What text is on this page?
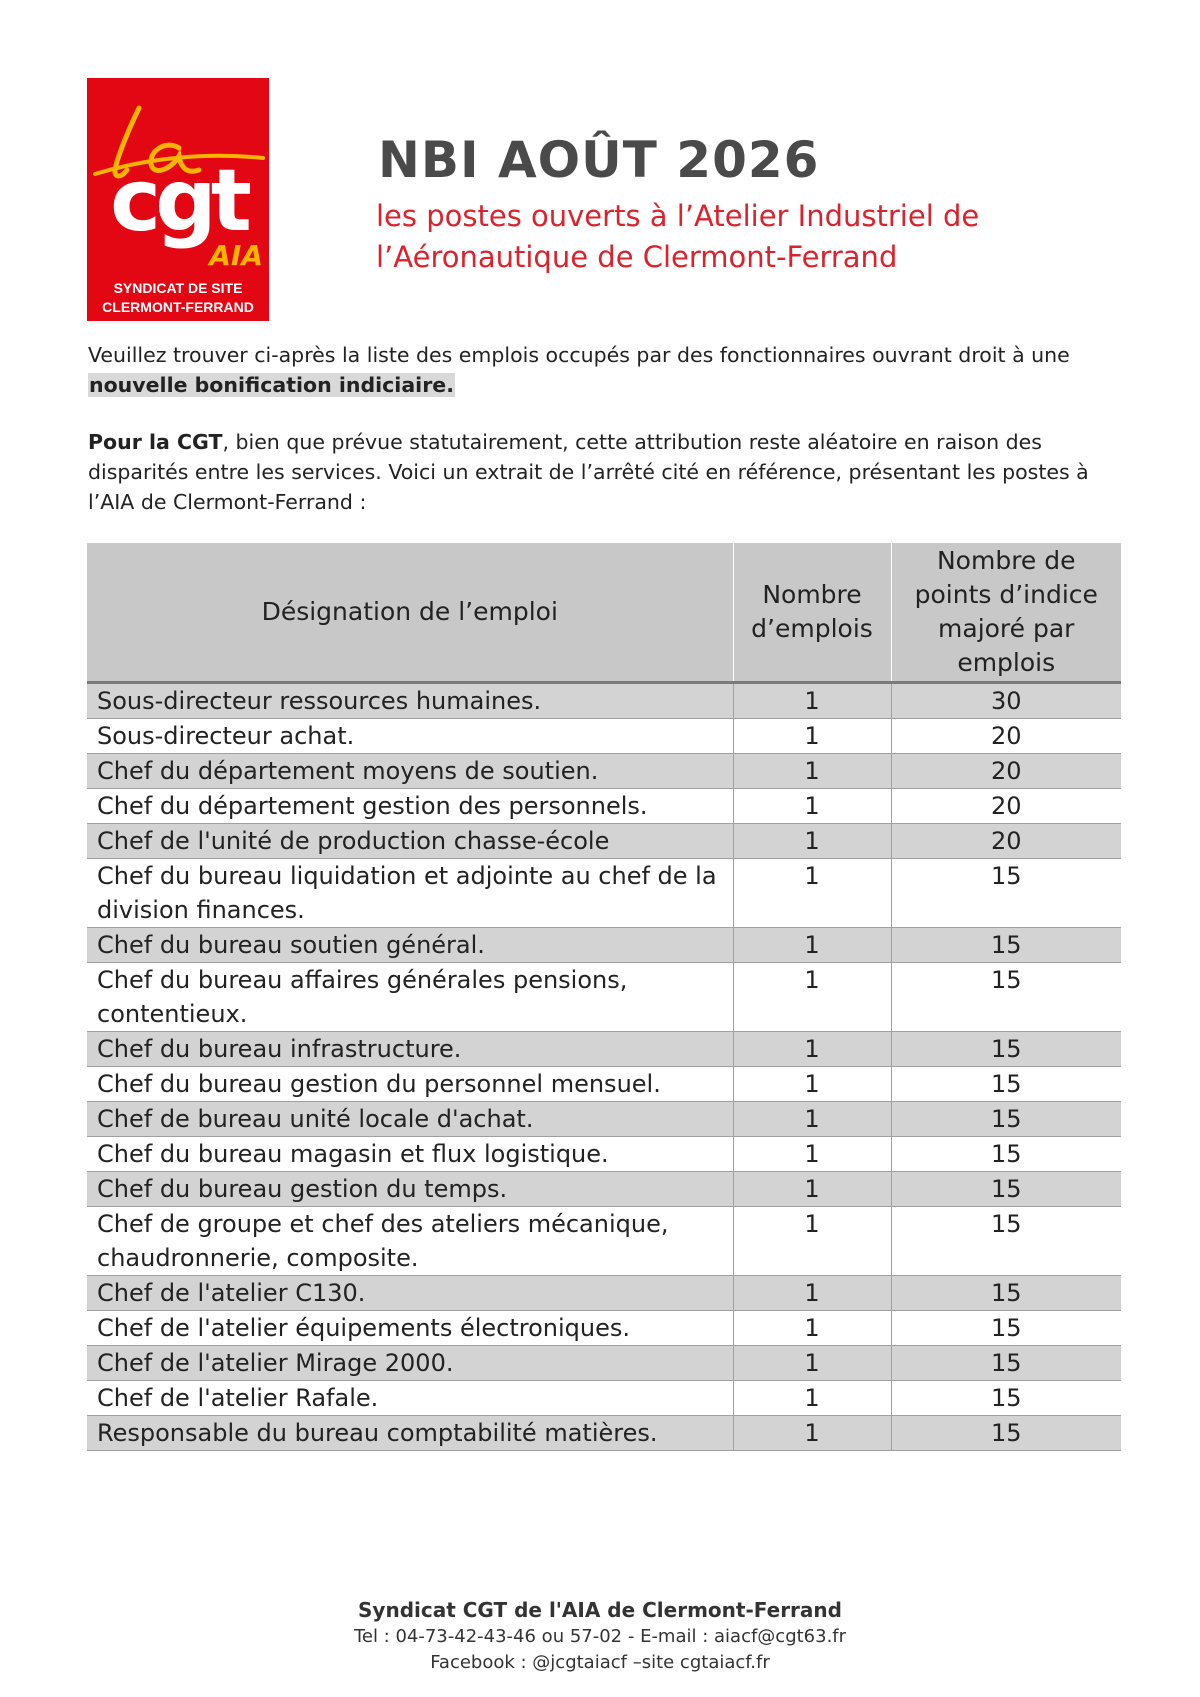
cgt
AIA
SYNDICAT DE SITE
CLERMONT-FERRAND
NBI AOÛT 2026
les postes ouverts à l’Atelier Industriel de
l’Aéronautique de Clermont-Ferrand

Veuillez trouver ci-après la liste des emplois occupés par des fonctionnaires ouvrant droit à une nouvelle bonification indiciaire.

Pour la CGT, bien que prévue statutairement, cette attribution reste aléatoire en raison des disparités entre les services. Voici un extrait de l’arrêté cité en référence, présentant les postes à l’AIA de Clermont-Ferrand :

Désignation de l’emploi	Nombre d’emplois	Nombre de points d’indice majoré par emplois
Sous-directeur ressources humaines.	1	30
Sous-directeur achat.	1	20
Chef du département moyens de soutien.	1	20
Chef du département gestion des personnels.	1	20
Chef de l'unité de production chasse-école	1	20
Chef du bureau liquidation et adjointe au chef de la division finances.	1	15
Chef du bureau soutien général.	1	15
Chef du bureau affaires générales pensions, contentieux.	1	15
Chef du bureau infrastructure.	1	15
Chef du bureau gestion du personnel mensuel.	1	15
Chef de bureau unité locale d'achat.	1	15
Chef du bureau magasin et flux logistique.	1	15
Chef du bureau gestion du temps.	1	15
Chef de groupe et chef des ateliers mécanique, chaudronnerie, composite.	1	15
Chef de l'atelier C130.	1	15
Chef de l'atelier équipements électroniques.	1	15
Chef de l'atelier Mirage 2000.	1	15
Chef de l'atelier Rafale.	1	15
Responsable du bureau comptabilité matières.	1	15
Syndicat CGT de l'AIA de Clermont-Ferrand
Tel : 04-73-42-43-46 ou 57-02 - E-mail : aiacf@cgt63.fr
Facebook : @jcgtaiacf –site cgtaiacf.fr
